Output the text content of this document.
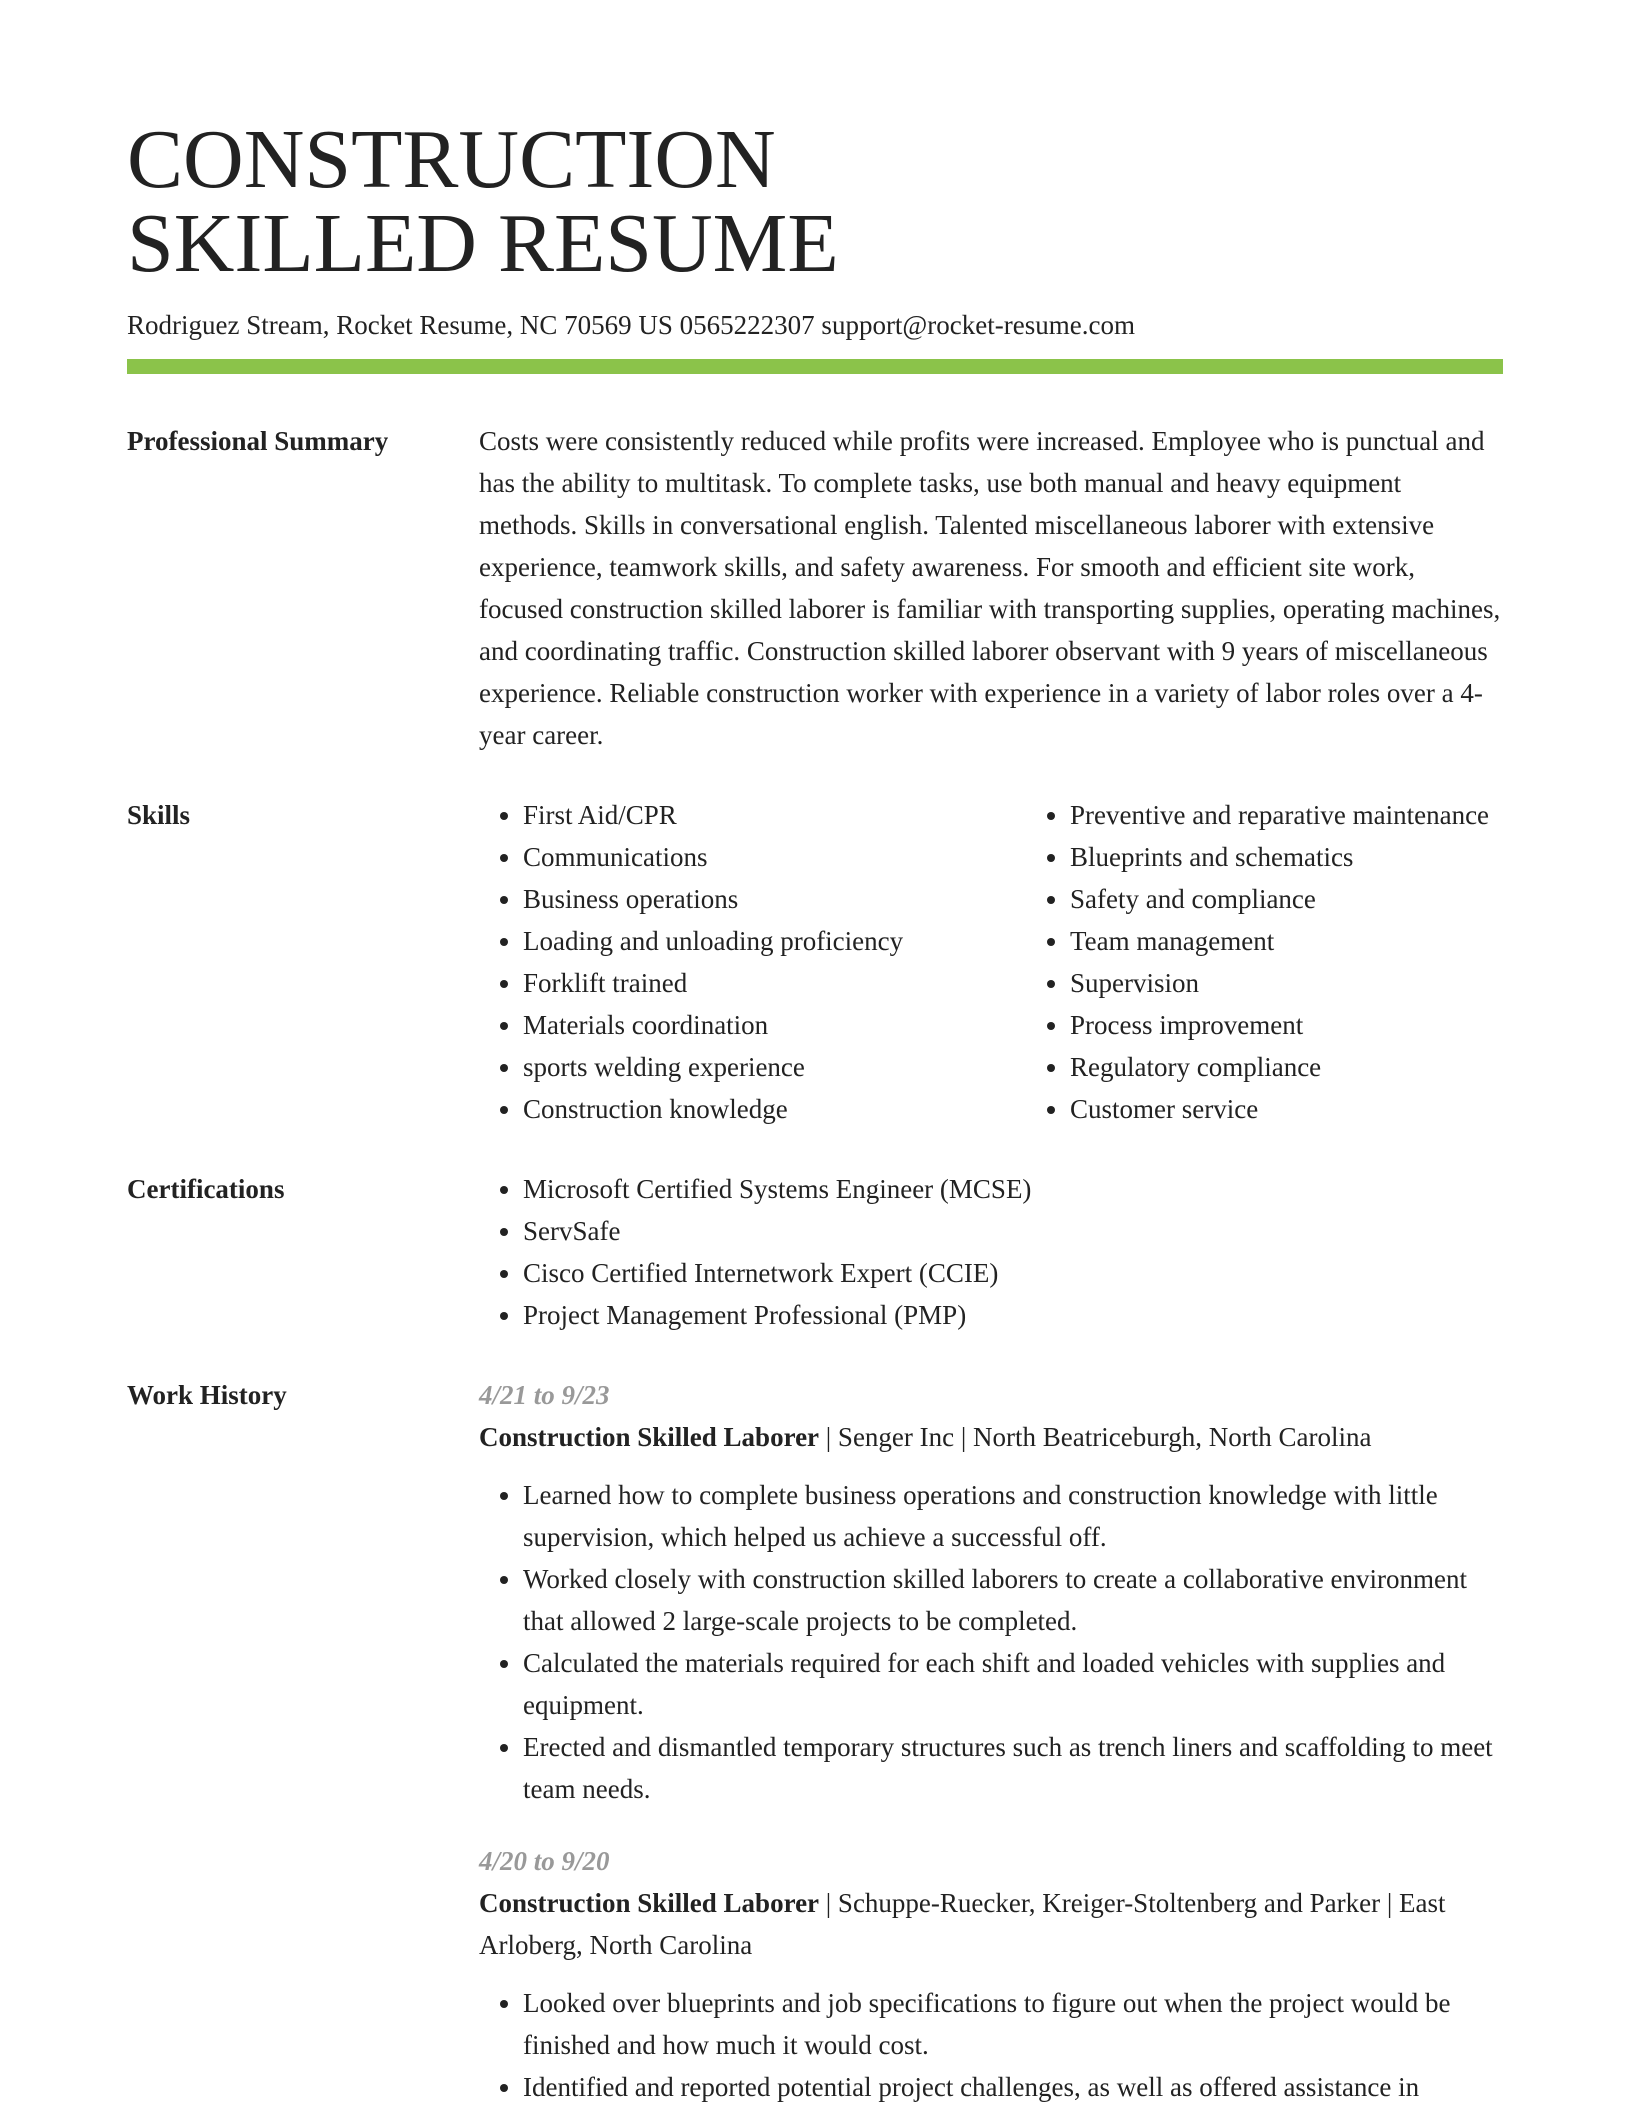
CONSTRUCTION
SKILLED RESUME
Rodriguez Stream, Rocket Resume, NC 70569 US 0565222307 support@rocket-resume.com
Professional Summary	Costs were consistently reduced while profits were increased. Employee who is punctual and has the ability to multitask. To complete tasks, use both manual and heavy equipment methods. Skills in conversational english. Talented miscellaneous laborer with extensive experience, teamwork skills, and safety awareness. For smooth and efficient site work, focused construction skilled laborer is familiar with transporting supplies, operating machines, and coordinating traffic. Construction skilled laborer observant with 9 years of miscellaneous experience. Reliable construction worker with experience in a variety of labor roles over a 4-year career.

Skills	• First Aid/CPR
• Communications
• Business operations
• Loading and unloading proficiency
• Forklift trained
• Materials coordination
• sports welding experience
• Construction knowledge
• Preventive and reparative maintenance
• Blueprints and schematics
• Safety and compliance
• Team management
• Supervision
• Process improvement
• Regulatory compliance
• Customer service
Certifications	• Microsoft Certified Systems Engineer (MCSE)
• ServSafe
• Cisco Certified Internetwork Expert (CCIE)
• Project Management Professional (PMP)
Work History	4/21 to 9/23
Construction Skilled Laborer | Senger Inc | North Beatriceburgh, North Carolina
• Learned how to complete business operations and construction knowledge with little supervision, which helped us achieve a successful off.
• Worked closely with construction skilled laborers to create a collaborative environment that allowed 2 large-scale projects to be completed.
• Calculated the materials required for each shift and loaded vehicles with supplies and equipment.
• Erected and dismantled temporary structures such as trench liners and scaffolding to meet team needs.
4/20 to 9/20
Construction Skilled Laborer | Schuppe-Ruecker, Kreiger-Stoltenberg and Parker | East Arloberg, North Carolina
• Looked over blueprints and job specifications to figure out when the project would be finished and how much it would cost.
• Identified and reported potential project challenges, as well as offered assistance in
